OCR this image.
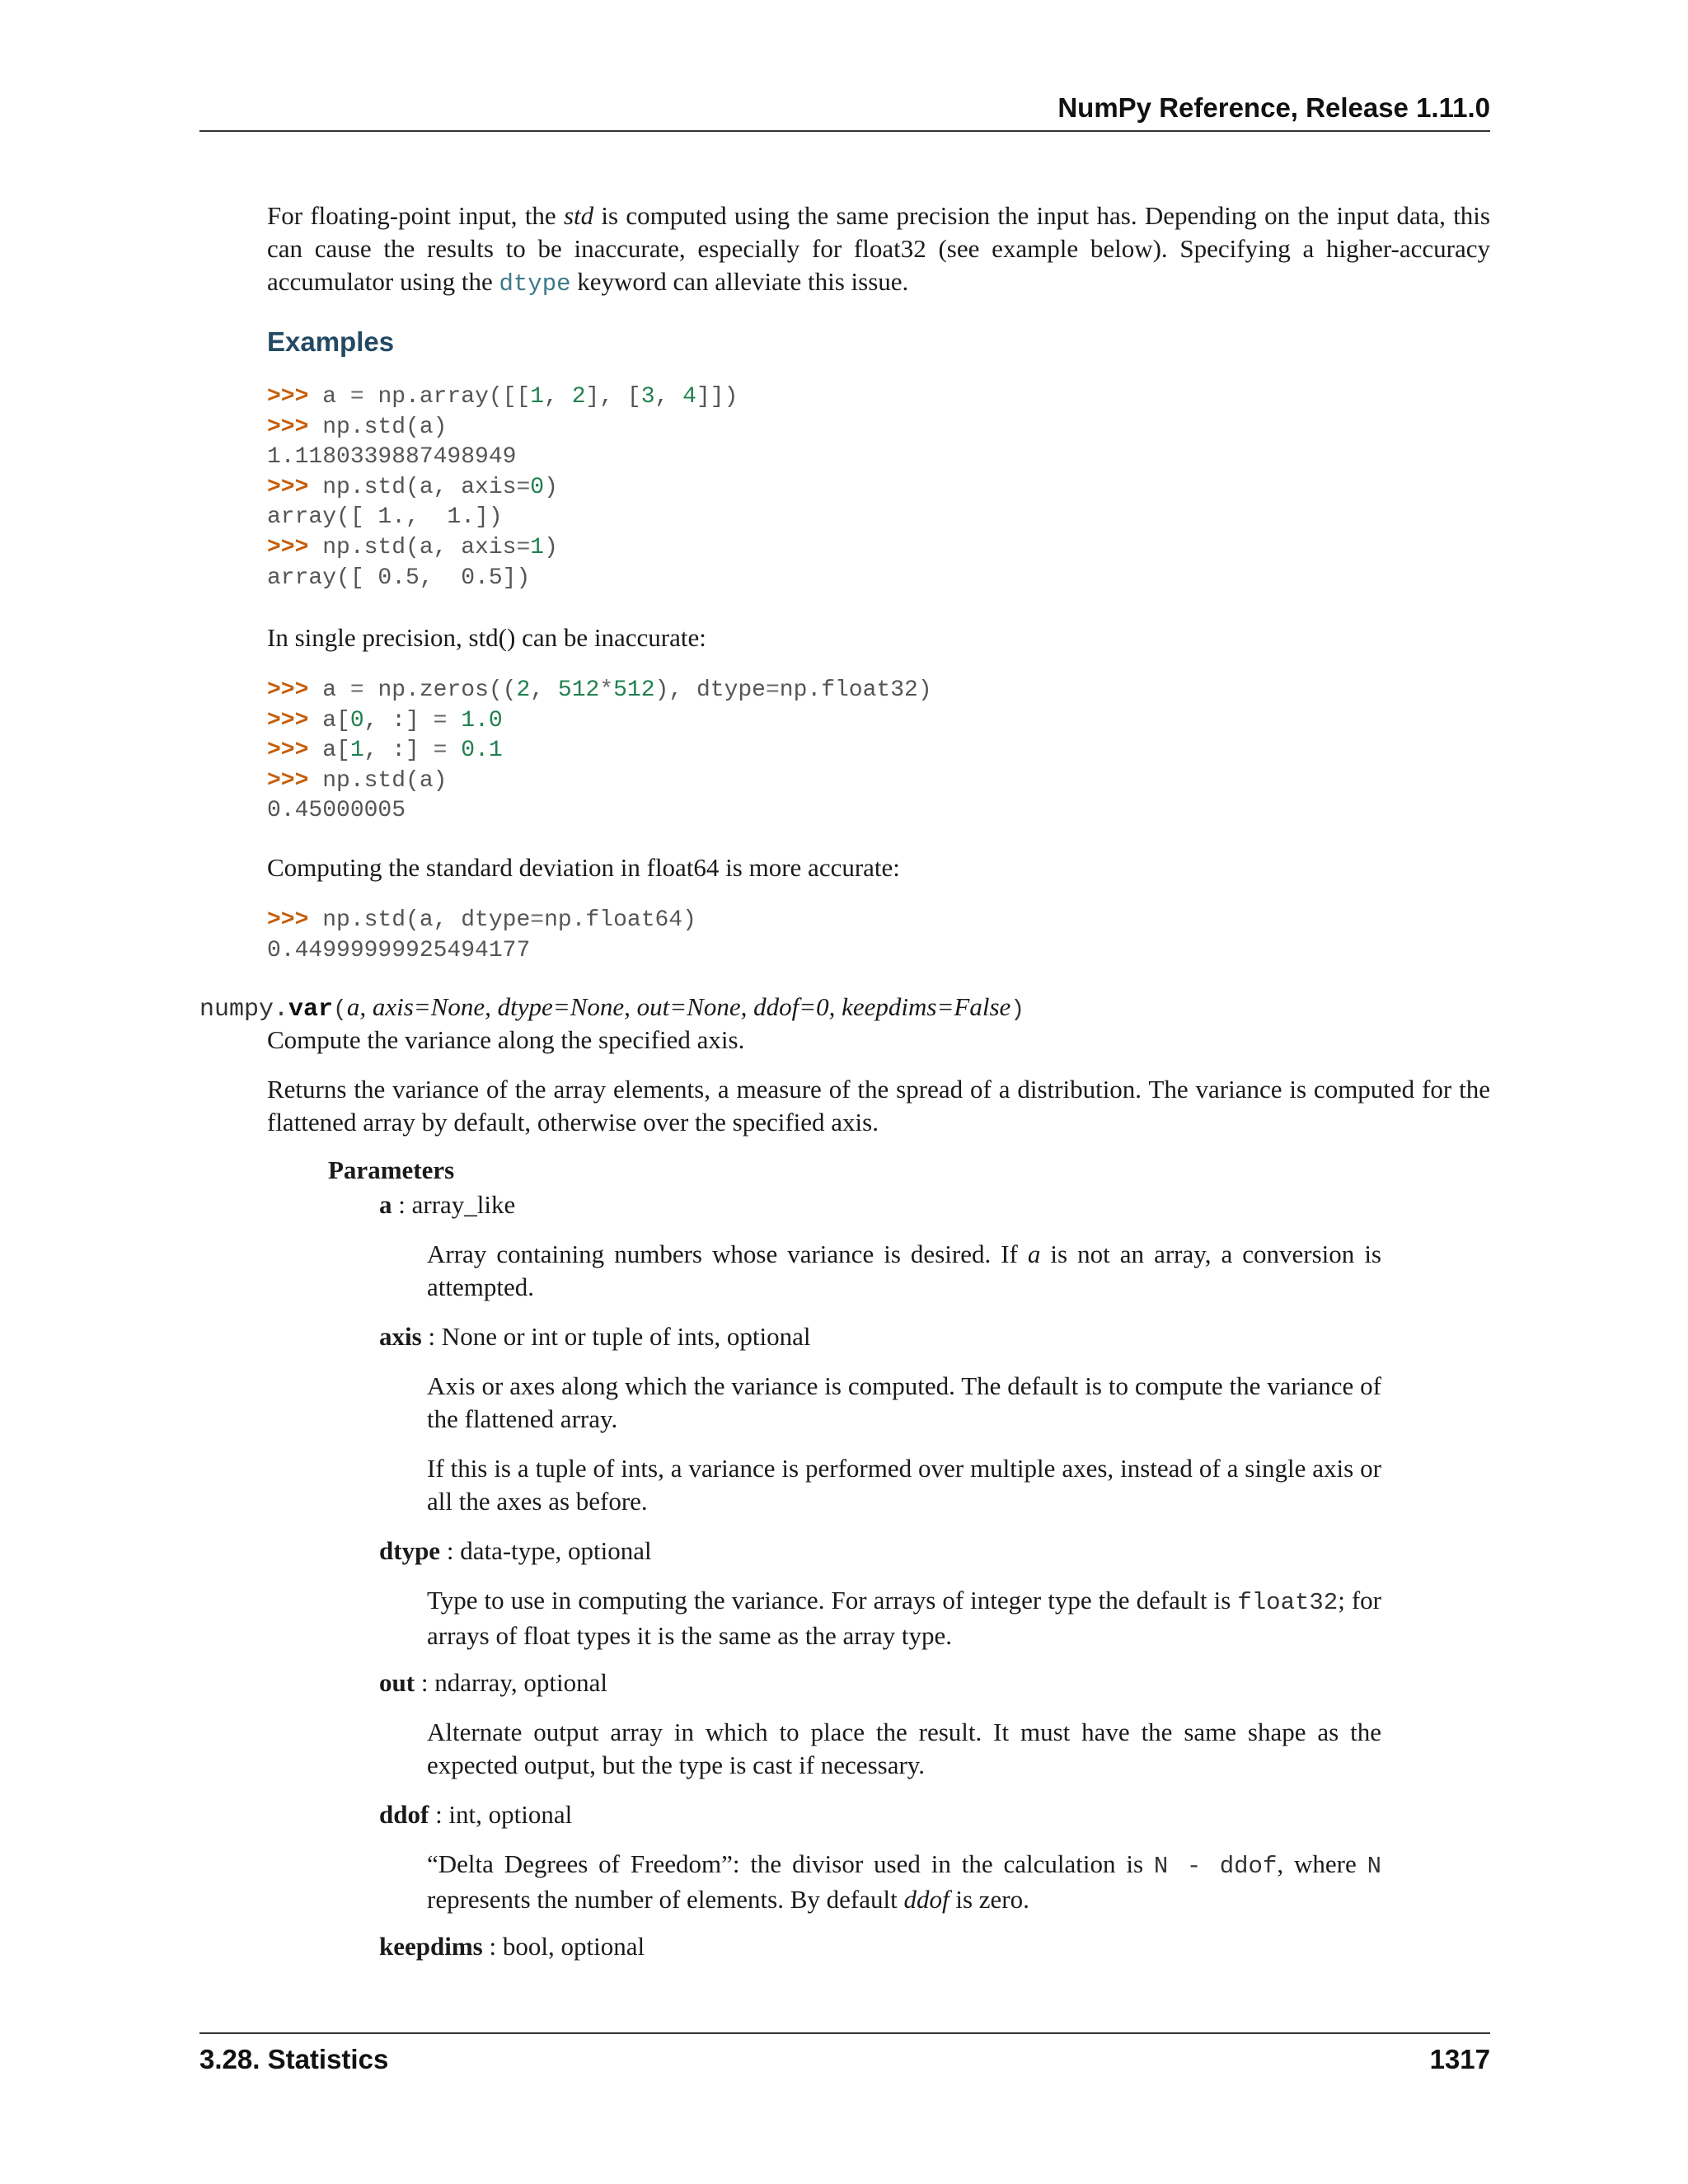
NumPy Reference, Release 1.11.0
For floating-point input, the std is computed using the same precision the input has. Depending on the input data, this can cause the results to be inaccurate, especially for float32 (see example below). Specifying a higher-accuracy accumulator using the dtype keyword can alleviate this issue.
Examples
>>> a = np.array([[1, 2], [3, 4]])
>>> np.std(a)
1.1180339887498949
>>> np.std(a, axis=0)
array([ 1.,  1.])
>>> np.std(a, axis=1)
array([ 0.5,  0.5])
In single precision, std() can be inaccurate:
>>> a = np.zeros((2, 512*512), dtype=np.float32)
>>> a[0, :] = 1.0
>>> a[1, :] = 0.1
>>> np.std(a)
0.45000005
Computing the standard deviation in float64 is more accurate:
>>> np.std(a, dtype=np.float64)
0.44999999925494177
numpy.var(a, axis=None, dtype=None, out=None, ddof=0, keepdims=False)
Compute the variance along the specified axis.
Returns the variance of the array elements, a measure of the spread of a distribution. The variance is computed for the flattened array by default, otherwise over the specified axis.
Parameters
a : array_like
Array containing numbers whose variance is desired. If a is not an array, a conversion is attempted.
axis : None or int or tuple of ints, optional
Axis or axes along which the variance is computed. The default is to compute the variance of the flattened array.
If this is a tuple of ints, a variance is performed over multiple axes, instead of a single axis or all the axes as before.
dtype : data-type, optional
Type to use in computing the variance. For arrays of integer type the default is float32; for arrays of float types it is the same as the array type.
out : ndarray, optional
Alternate output array in which to place the result. It must have the same shape as the expected output, but the type is cast if necessary.
ddof : int, optional
“Delta Degrees of Freedom”: the divisor used in the calculation is N - ddof, where N represents the number of elements. By default ddof is zero.
keepdims : bool, optional
3.28. Statistics	1317
